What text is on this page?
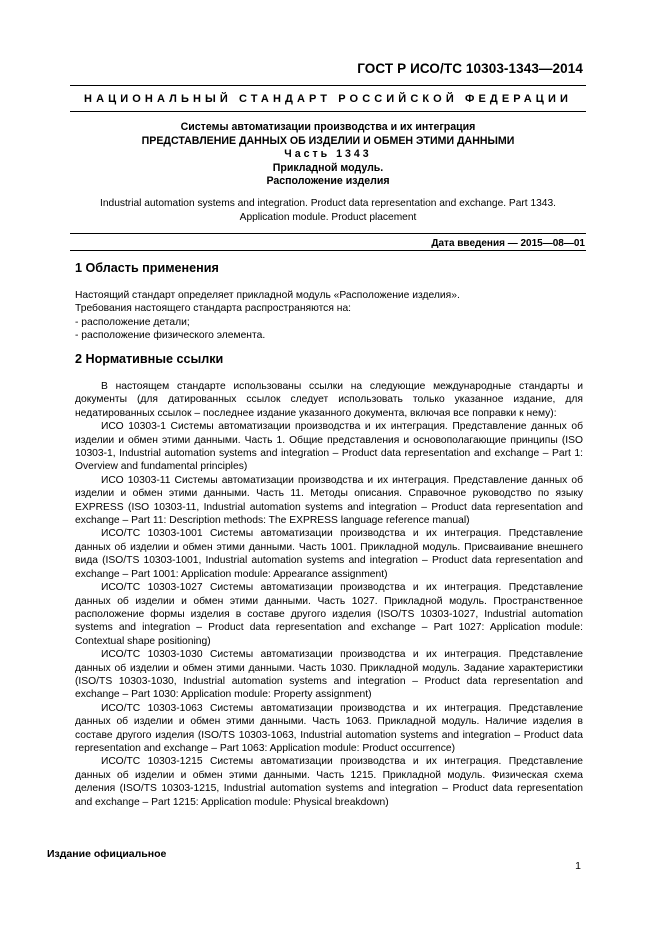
ГОСТ Р ИСО/ТС 10303-1343—2014
НАЦИОНАЛЬНЫЙ СТАНДАРТ РОССИЙСКОЙ ФЕДЕРАЦИИ
Системы автоматизации производства и их интеграция
ПРЕДСТАВЛЕНИЕ ДАННЫХ ОБ ИЗДЕЛИИ И ОБМЕН ЭТИМИ ДАННЫМИ
Часть 1343
Прикладной модуль.
Расположение изделия
Industrial automation systems and integration. Product data representation and exchange. Part 1343.
Application module. Product placement
Дата введения — 2015—08—01
1 Область применения

Настоящий стандарт определяет прикладной модуль «Расположение изделия».

Требования настоящего стандарта распространяются на:

- расположение детали;

- расположение физического элемента.

2 Нормативные ссылки

В настоящем стандарте использованы ссылки на следующие международные стандарты и документы (для датированных ссылок следует использовать только указанное издание, для недатированных ссылок – последнее издание указанного документа, включая все поправки к нему):

ИСО 10303-1 Системы автоматизации производства и их интеграция. Представление данных об изделии и обмен этими данными. Часть 1. Общие представления и основополагающие принципы (ISO 10303-1, Industrial automation systems and integration – Product data representation and exchange – Part 1: Overview and fundamental principles)

ИСО 10303-11 Системы автоматизации производства и их интеграция. Представление данных об изделии и обмен этими данными. Часть 11. Методы описания. Справочное руководство по языку EXPRESS (ISO 10303-11, Industrial automation systems and integration – Product data representation and exchange – Part 11: Description methods: The EXPRESS language reference manual)

ИСО/ТС 10303-1001 Системы автоматизации производства и их интеграция. Представление данных об изделии и обмен этими данными. Часть 1001. Прикладной модуль. Присваивание внешнего вида (ISO/TS 10303-1001, Industrial automation systems and integration – Product data representation and exchange – Part 1001: Application module: Appearance assignment)

ИСО/ТС 10303-1027 Системы автоматизации производства и их интеграция. Представление данных об изделии и обмен этими данными. Часть 1027. Прикладной модуль. Пространственное расположение формы изделия в составе другого изделия (ISO/TS 10303-1027, Industrial automation systems and integration – Product data representation and exchange – Part 1027: Application module: Contextual shape positioning)

ИСО/ТС 10303-1030 Системы автоматизации производства и их интеграция. Представление данных об изделии и обмен этими данными. Часть 1030. Прикладной модуль. Задание характеристики (ISO/TS 10303-1030, Industrial automation systems and integration – Product data representation and exchange – Part 1030: Application module: Property assignment)

ИСО/ТС 10303-1063 Системы автоматизации производства и их интеграция. Представление данных об изделии и обмен этими данными. Часть 1063. Прикладной модуль. Наличие изделия в составе другого изделия (ISO/TS 10303-1063, Industrial automation systems and integration – Product data representation and exchange – Part 1063: Application module: Product occurrence)

ИСО/ТС 10303-1215 Системы автоматизации производства и их интеграция. Представление данных об изделии и обмен этими данными. Часть 1215. Прикладной модуль. Физическая схема деления (ISO/TS 10303-1215, Industrial automation systems and integration – Product data representation and exchange – Part 1215: Application module: Physical breakdown)

Издание официальное
1
